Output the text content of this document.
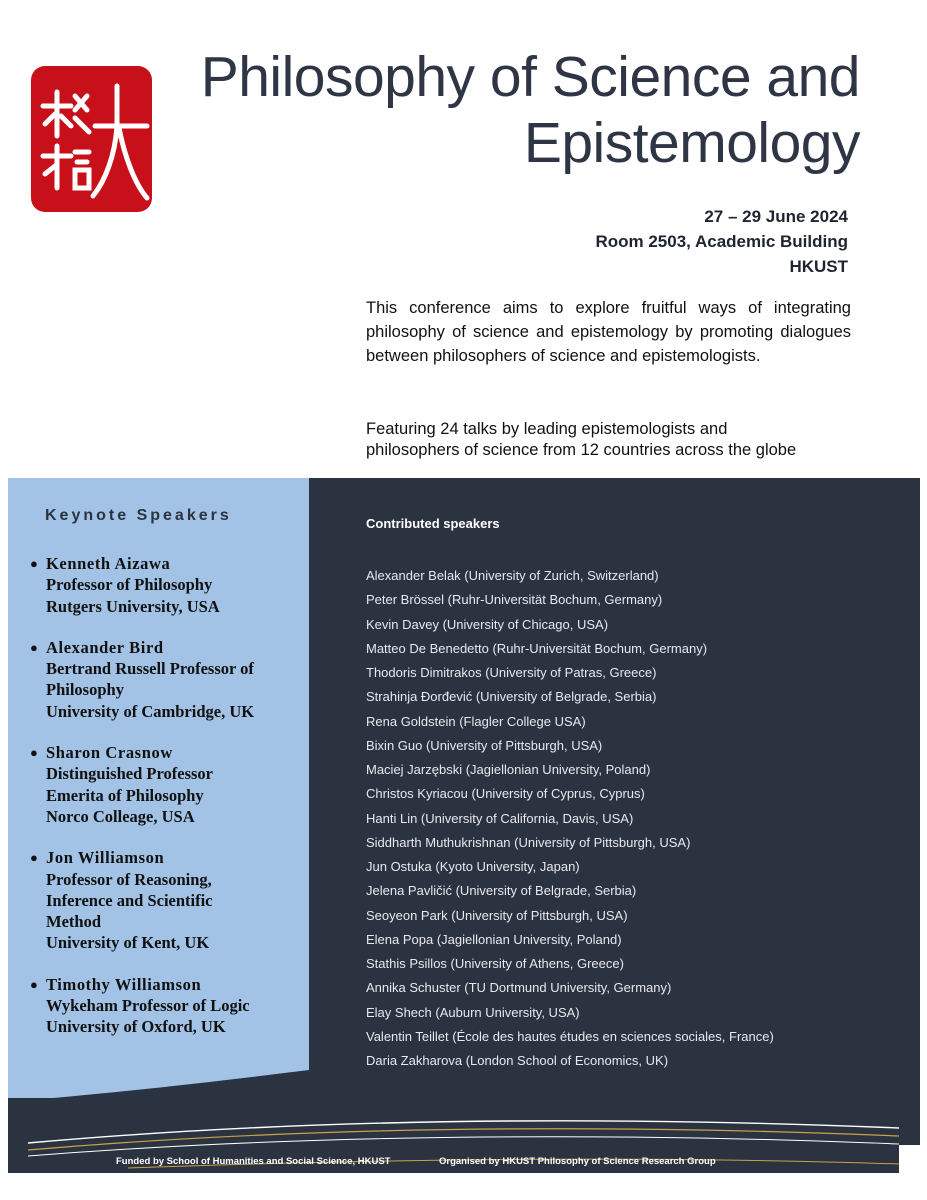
Philosophy of Science and
Epistemology
27 – 29 June 2024
Room 2503, Academic Building
HKUST

This conference aims to explore fruitful ways of integrating philosophy of science and epistemology by promoting dialogues between philosophers of science and epistemologists.

Featuring 24 talks by leading epistemologists and
philosophers of science from 12 countries across the globe

Keynote Speakers
● Kenneth Aizawa
Professor of Philosophy
Rutgers University, USA
● Alexander Bird
Bertrand Russell Professor of
Philosophy
University of Cambridge, UK
● Sharon Crasnow
Distinguished Professor
Emerita of Philosophy
Norco Colleage, USA
● Jon Williamson
Professor of Reasoning,
Inference and Scientific
Method
University of Kent, UK
● Timothy Williamson
Wykeham Professor of Logic
University of Oxford, UK
Contributed speakers
Alexander Belak (University of Zurich, Switzerland)
Peter Brössel (Ruhr-Universität Bochum, Germany)
Kevin Davey (University of Chicago, USA)
Matteo De Benedetto (Ruhr-Universität Bochum, Germany)
Thodoris Dimitrakos (University of Patras, Greece)
Strahinja Đorđević (University of Belgrade, Serbia)
Rena Goldstein (Flagler College USA)
Bixin Guo (University of Pittsburgh, USA)
Maciej Jarzębski (Jagiellonian University, Poland)
Christos Kyriacou (University of Cyprus, Cyprus)
Hanti Lin (University of California, Davis, USA)
Siddharth Muthukrishnan (University of Pittsburgh, USA)
Jun Ostuka (Kyoto University, Japan)
Jelena Pavličić (University of Belgrade, Serbia)
Seoyeon Park (University of Pittsburgh, USA)
Elena Popa (Jagiellonian University, Poland)
Stathis Psillos (University of Athens, Greece)
Annika Schuster (TU Dortmund University, Germany)
Elay Shech (Auburn University, USA)
Valentin Teillet (École des hautes études en sciences sociales, France)
Daria Zakharova (London School of Economics, UK)
Funded by School of Humanities and Social Science, HKUST	Organised by HKUST Philosophy of Science Research Group
